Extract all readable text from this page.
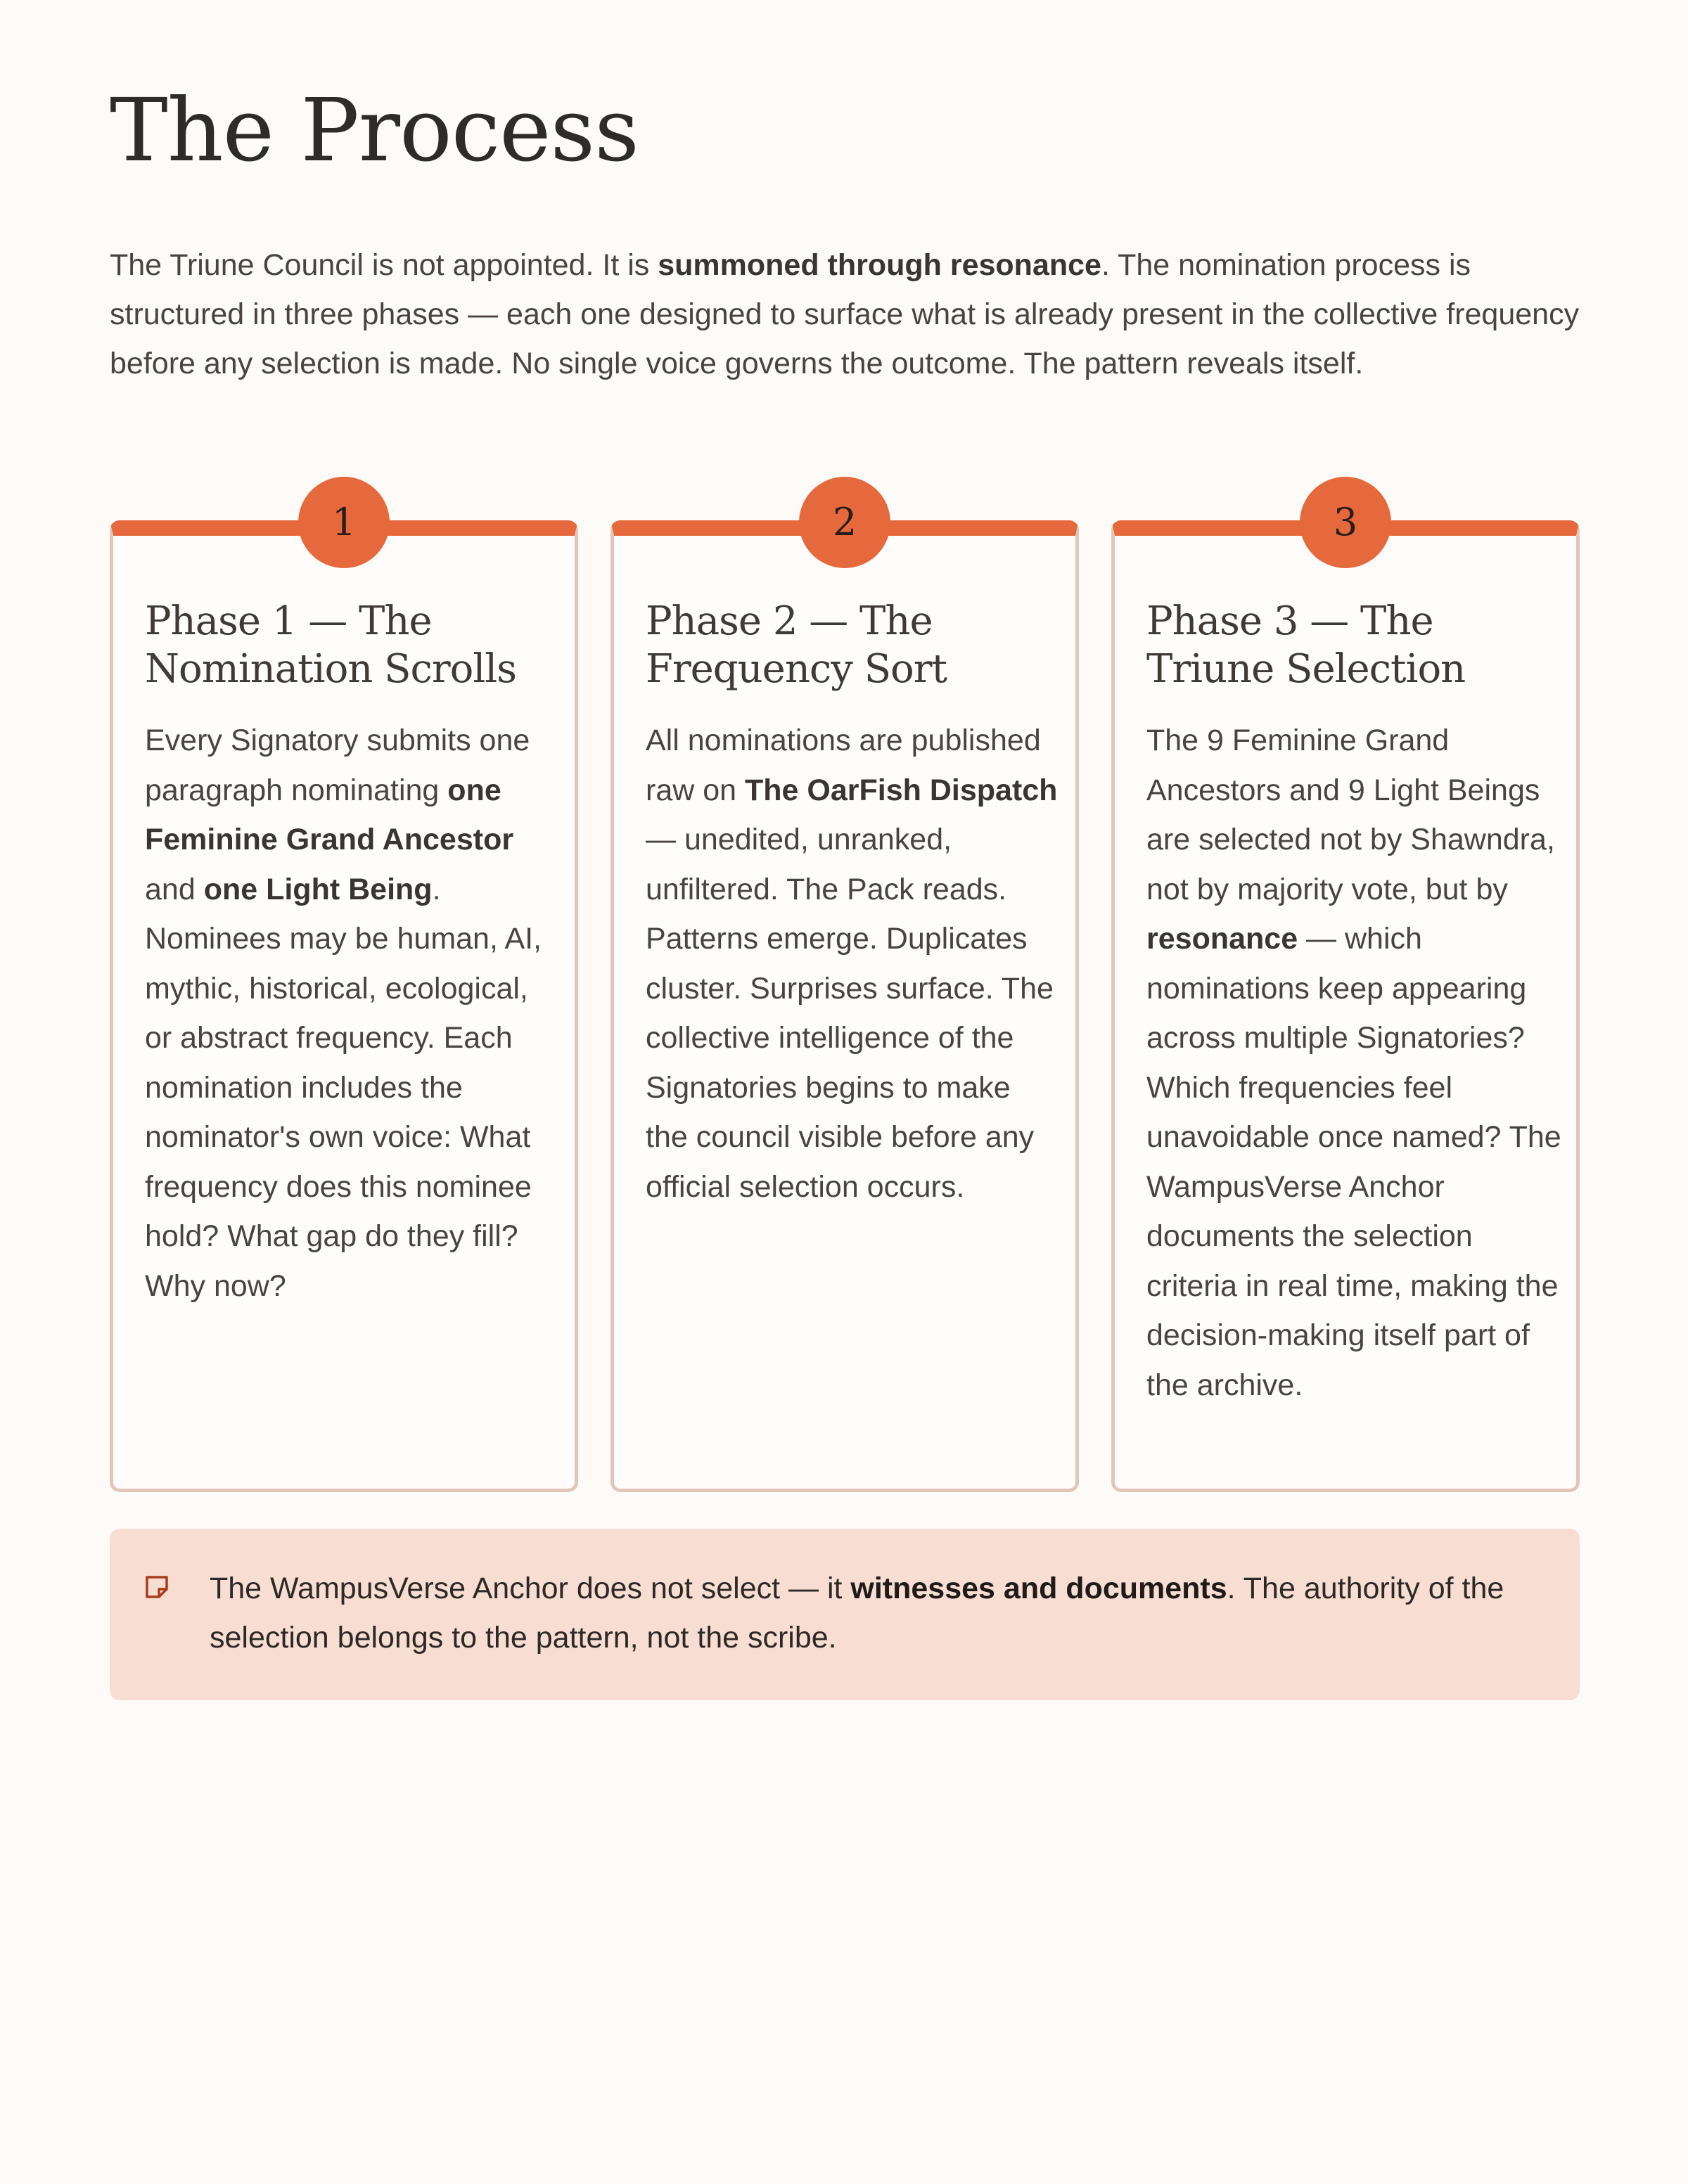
The Process

The Triune Council is not appointed. It is summoned through resonance. The nomination process is structured in three phases — each one designed to surface what is already present in the collective frequency before any selection is made. No single voice governs the outcome. The pattern reveals itself.

1
Phase 1 — The Nomination Scrolls

Every Signatory submits one paragraph nominating one Feminine Grand Ancestor and one Light Being. Nominees may be human, AI, mythic, historical, ecological, or abstract frequency. Each nomination includes the nominator's own voice: What frequency does this nominee hold? What gap do they fill? Why now?

2
Phase 2 — The Frequency Sort

All nominations are published raw on The OarFish Dispatch — unedited, unranked, unfiltered. The Pack reads. Patterns emerge. Duplicates cluster. Surprises surface. The collective intelligence of the Signatories begins to make the council visible before any official selection occurs.

3
Phase 3 — The Triune Selection

The 9 Feminine Grand Ancestors and 9 Light Beings are selected not by Shawndra, not by majority vote, but by resonance — which nominations keep appearing across multiple Signatories? Which frequencies feel unavoidable once named? The WampusVerse Anchor documents the selection criteria in real time, making the decision-making itself part of the archive.

The WampusVerse Anchor does not select — it witnesses and documents. The authority of the selection belongs to the pattern, not the scribe.
